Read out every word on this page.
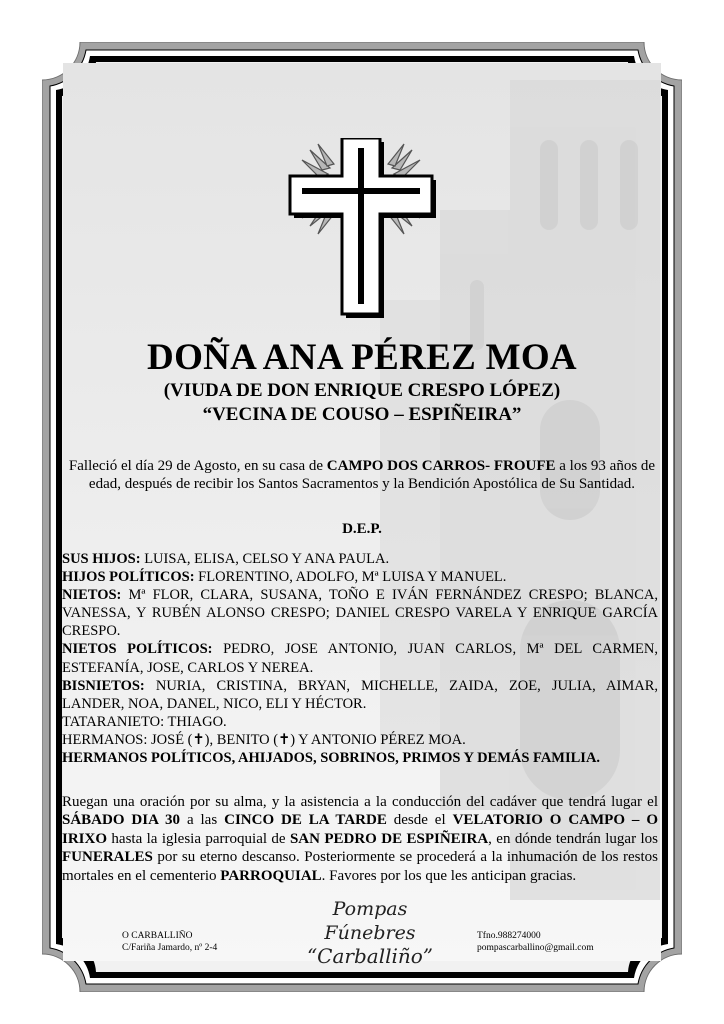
DOÑA ANA PÉREZ MOA
(VIUDA DE DON ENRIQUE CRESPO LÓPEZ)
“VECINA DE COUSO – ESPIÑEIRA”
Falleció el día 29 de Agosto, en su casa de CAMPO DOS CARROS- FROUFE a los 93 años de edad, después de recibir los Santos Sacramentos y la Bendición Apostólica de Su Santidad.
D.E.P.

SUS HIJOS: LUISA, ELISA, CELSO Y ANA PAULA.

HIJOS POLÍTICOS: FLORENTINO, ADOLFO, Mª LUISA Y MANUEL.

NIETOS: Mª FLOR, CLARA, SUSANA, TOÑO E IVÁN FERNÁNDEZ CRESPO; BLANCA, VANESSA, Y RUBÉN ALONSO CRESPO; DANIEL CRESPO VARELA Y ENRIQUE GARCÍA CRESPO.

NIETOS POLÍTICOS: PEDRO, JOSE ANTONIO, JUAN CARLOS, Mª DEL CARMEN, ESTEFANÍA, JOSE, CARLOS Y NEREA.

BISNIETOS: NURIA, CRISTINA, BRYAN, MICHELLE, ZAIDA, ZOE, JULIA, AIMAR, LANDER, NOA, DANEL, NICO, ELI Y HÉCTOR.

TATARANIETO: THIAGO.

HERMANOS: JOSÉ (✝), BENITO (✝) Y ANTONIO PÉREZ MOA.

HERMANOS POLÍTICOS, AHIJADOS, SOBRINOS, PRIMOS Y DEMÁS FAMILIA.

Ruegan una oración por su alma, y la asistencia a la conducción del cadáver que tendrá lugar el SÁBADO DIA 30 a las CINCO DE LA TARDE desde el VELATORIO O CAMPO – O IRIXO hasta la iglesia parroquial de SAN PEDRO DE ESPIÑEIRA, en dónde tendrán lugar los FUNERALES por su eterno descanso. Posteriormente se procederá a la inhumación de los restos mortales en el cementerio PARROQUIAL. Favores por los que les anticipan gracias.

O CARBALLIÑO
C/Fariña Jamardo, nº 2-4
Pompas Fúnebres
“Carballiño”
Tfno.988274000
pompascarballino@gmail.com
